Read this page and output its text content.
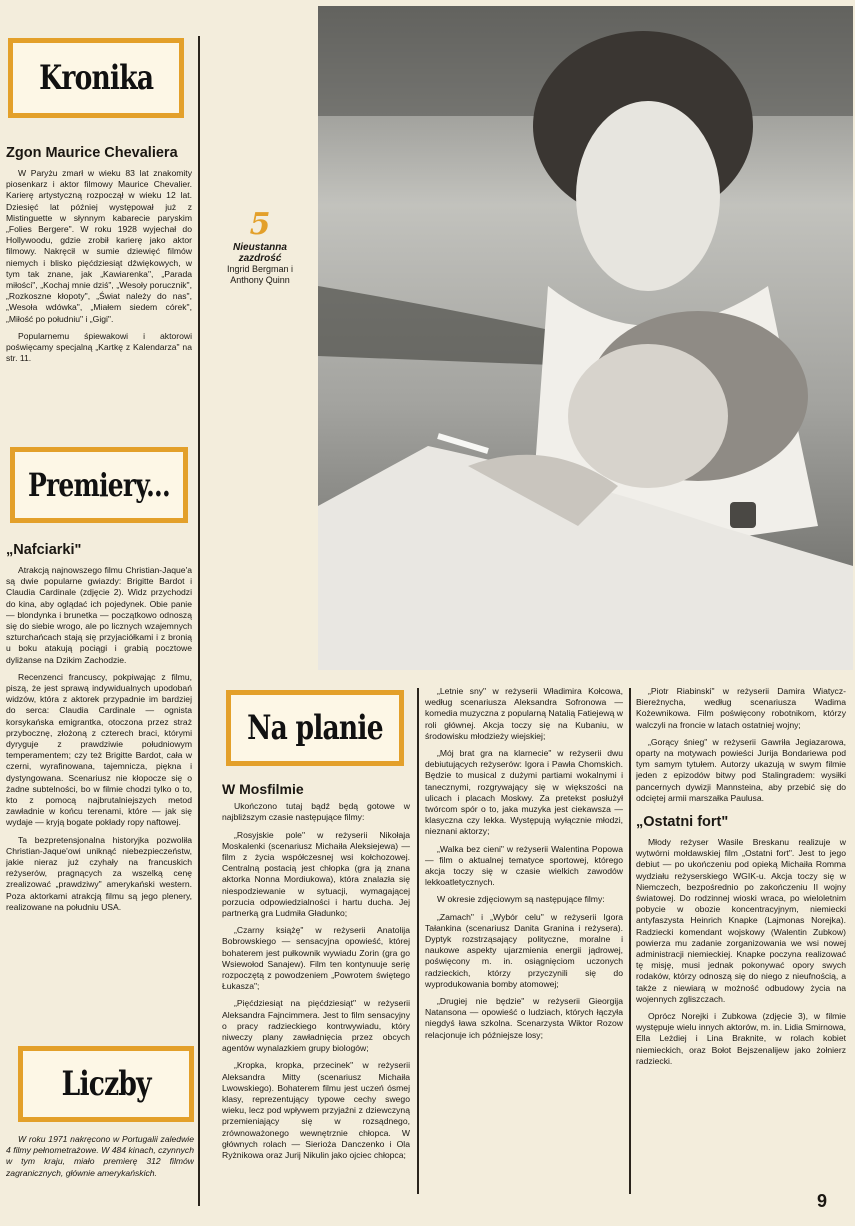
Kronika
Zgon Maurice Chevaliera

W Paryżu zmarł w wieku 83 lat znakomity piosenkarz i aktor filmowy Maurice Chevalier. Karierę artystyczną rozpoczął w wieku 12 lat. Dziesięć lat później występował już z Mistinguette w słynnym kabarecie paryskim „Folies Bergere". W roku 1928 wyjechał do Hollywoodu, gdzie zrobił karierę jako aktor filmowy. Nakręcił w sumie dziewięć filmów niemych i blisko pięćdziesiąt dźwiękowych, w tym tak znane, jak „Kawiarenka", „Parada miłości", „Kochaj mnie dziś", „Wesoły porucznik", „Rozkoszne kłopoty", „Świat należy do nas", „Wesoła wdówka", „Miałem siedem córek", „Miłość po południu" i „Gigi".

Popularnemu śpiewakowi i aktorowi poświęcamy specjalną „Kartkę z Kalendarza" na str. 11.

Premiery...
„Nafciarki"

Atrakcją najnowszego filmu Christian-Jaque'a są dwie popularne gwiazdy: Brigitte Bardot i Claudia Cardinale (zdjęcie 2). Widz przychodzi do kina, aby oglądać ich pojedynek. Obie panie — blondynka i brunetka — początkowo odnoszą się do siebie wrogo, ale po licznych wzajemnych szturchańcach stają się przyjaciółkami i z bronią u boku atakują pociągi i grabią pocztowe dyliżanse na Dzikim Zachodzie.

Recenzenci francuscy, pokpiwając z filmu, piszą, że jest sprawą indywidualnych upodobań widzów, która z aktorek przypadnie im bardziej do serca: Claudia Cardinale — ognista korsykańska emigrantka, otoczona przez straż przybocznę, złożoną z czterech braci, którymi dyryguje z prawdziwie południowym temperamentem; czy też Brigitte Bardot, cała w czerni, wyrafinowana, tajemnicza, piękna i dystyngowana. Scenariusz nie kłopocze się o żadne subtelności, bo w filmie chodzi tylko o to, kto z pomocą najbrutalniejszych metod zawładnie w końcu terenami, które — jak się wydaje — kryją bogate pokłady ropy naftowej.

Ta bezpretensjonalna historyjka pozwoliła Christian-Jaque'owi uniknąć niebezpieczeństw, jakie nieraz już czyhały na francuskich reżyserów, pragnących za wszelką cenę zrealizować „prawdziwy" amerykański western. Poza aktorkami atrakcją filmu są jego plenery, realizowane na południu USA.

Liczby

W roku 1971 nakręcono w Portugalii zaledwie 4 filmy pełnometrażowe. W 484 kinach, czynnych w tym kraju, miało premierę 312 filmów zagranicznych, głównie amerykańskich.

5
Nieustanna zazdrość
Ingrid Bergman i Anthony Quinn
Na planie
W Mosfilmie

Ukończono tutaj bądź będą gotowe w najbliższym czasie następujące filmy:

„Rosyjskie pole" w reżyserii Nikołaja Moskalenki (scenariusz Michaiła Aleksiejewa) — film z życia współczesnej wsi kołchozowej. Centralną postacią jest chłopka (gra ją znana aktorka Nonna Mordiukowa), która znalazła się niespodziewanie w sytuacji, wymagającej porzucia odpowiedzialności i hartu ducha. Jej partnerką gra Ludmiła Gładunko;

„Czarny książę" w reżyserii Anatolija Bobrowskiego — sensacyjna opowieść, której bohaterem jest pułkownik wywiadu Zorin (gra go Wsiewołod Sanajew). Film ten kontynuuje serię rozpoczętą z powodzeniem „Powrotem świętego Łukasza";

„Pięćdziesiąt na pięćdziesiąt" w reżyserii Aleksandra Fajncimmera. Jest to film sensacyjny o pracy radzieckiego kontrwywiadu, który niweczy plany zawładnięcia przez obcych agentów wynalazkiem grupy biologów;

„Kropka, kropka, przecinek" w reżyserii Aleksandra Mitty (scenariusz Michaiła Lwowskiego). Bohaterem filmu jest uczeń ósmej klasy, reprezentujący typowe cechy swego wieku, lecz pod wpływem przyjaźni z dziewczyną przemieniający się w rozsądnego, zrównoważonego wewnętrznie chłopca. W głównych rolach — Sierioża Danczenko i Ola Ryżnikowa oraz Jurij Nikulin jako ojciec chłopca;

„Letnie sny" w reżyserii Władimira Kołcowa, według scenariusza Aleksandra Sofronowa — komedia muzyczna z popularną Natalią Fatiejewą w roli głównej. Akcja toczy się na Kubaniu, w środowisku młodzieży wiejskiej;

„Mój brat gra na klarnecie" w reżyserii dwu debiutujących reżyserów: Igora i Pawła Chomskich. Będzie to musical z dużymi partiami wokalnymi i tanecznymi, rozgrywający się w większości na ulicach i placach Moskwy. Za pretekst posłużył twórcom spór o to, jaka muzyka jest ciekawsza — klasyczna czy lekka. Występują wyłącznie młodzi, nieznani aktorzy;

„Walka bez cieni" w reżyserii Walentina Popowa — film o aktualnej tematyce sportowej, którego akcja toczy się w czasie wielkich zawodów lekkoatletycznych.

W okresie zdjęciowym są następujące filmy:

„Zamach" i „Wybór celu" w reżyserii Igora Tałankina (scenariusz Danita Granina i reżysera). Dyptyk rozstrząsający polityczne, moralne i naukowe aspekty ujarzmienia energii jądrowej, poświęcony m. in. osiągnięciom uczonych radzieckich, którzy przyczynili się do wyprodukowania bomby atomowej;

„Drugiej nie będzie" w reżyserii Gieorgija Natansona — opowieść o ludziach, których łączyła niegdyś ława szkolna. Scenarzysta Wiktor Rozow relacjonuje ich późniejsze losy;

„Piotr Riabinski" w reżyserii Damira Wiatycz-Biereżnycha, według scenariusza Wadima Kożewnikowa. Film poświęcony robotnikom, którzy walczyli na froncie w latach ostatniej wojny;

„Gorący śnieg" w reżyserii Gawriła Jegiazarowa, oparty na motywach powieści Jurija Bondariewa pod tym samym tytułem. Autorzy ukazują w swym filmie jeden z epizodów bitwy pod Stalingradem: wysiłki pancernych dywizji Mannsteina, aby przebić się do odciętej armii marszałka Paulusa.

„Ostatni fort"

Młody reżyser Wasile Breskanu realizuje w wytwórni mołdawskiej film „Ostatni fort". Jest to jego debiut — po ukończeniu pod opieką Michaiła Romma wydziału reżyserskiego WGIK-u. Akcja toczy się w Niemczech, bezpośrednio po zakończeniu II wojny światowej. Do rodzinnej wioski wraca, po wieloletnim pobycie w obozie koncentracyjnym, niemiecki antyfaszysta Heinrich Knapke (Lajmonas Norejka). Radziecki komendant wojskowy (Walentin Zubkow) powierza mu zadanie zorganizowania we wsi nowej administracji niemieckiej. Knapke poczyna realizować tę misję, musi jednak pokonywać opory swych rodaków, którzy odnoszą się do niego z nieufnością, a także z niewiarą w możność odbudowy życia na wojennych zgliszczach.

Oprócz Norejki i Zubkowa (zdjęcie 3), w filmie występuje wielu innych aktorów, m. in. Lidia Smirnowa, Ella Leżdiej i Lina Braknite, w rolach kobiet niemieckich, oraz Bołot Bejszenalijew jako żołnierz radziecki.

9
